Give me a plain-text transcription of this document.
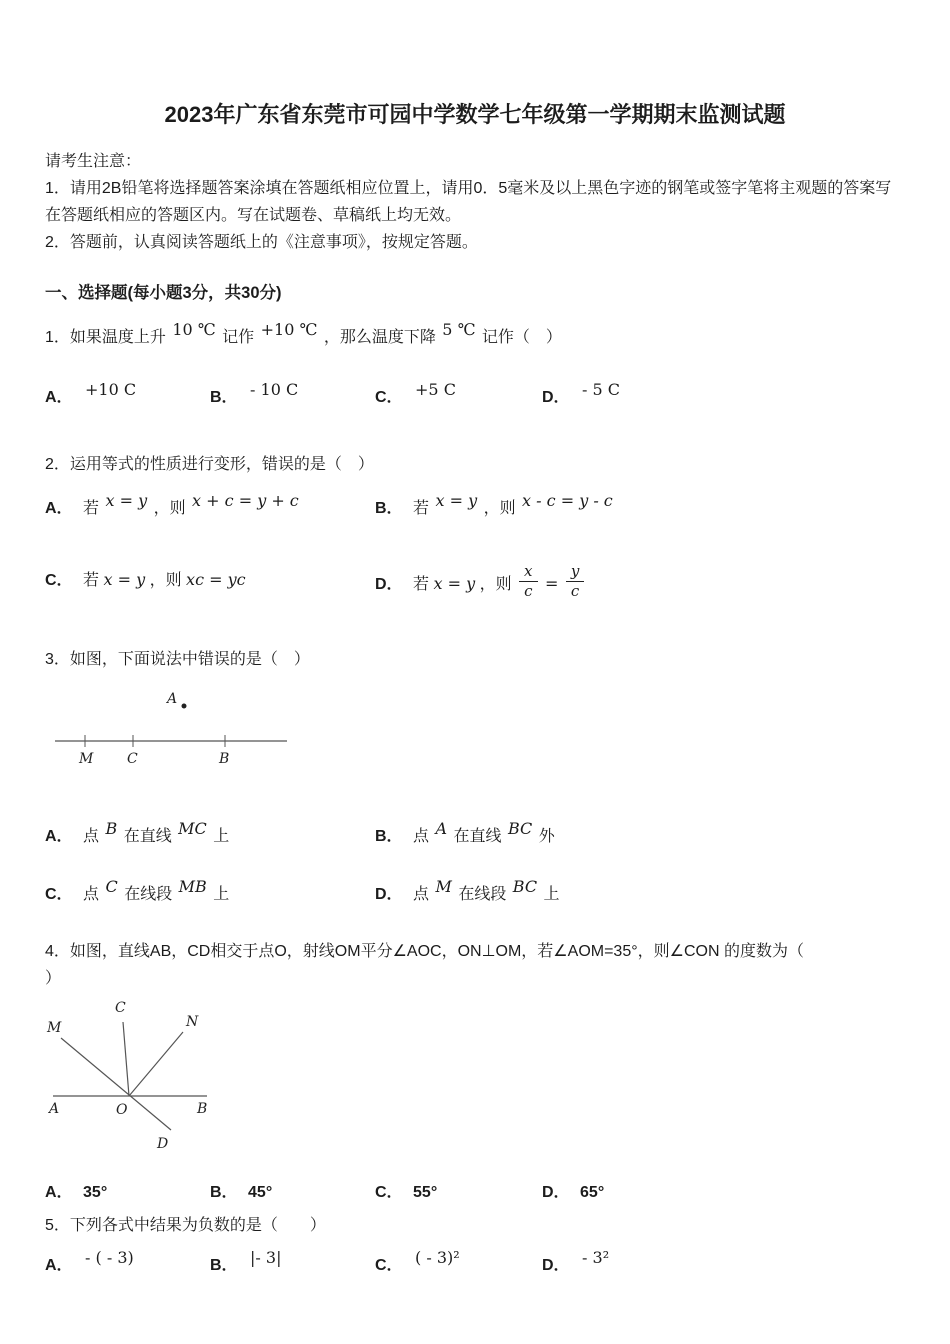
2023年广东省东莞市可园中学数学七年级第一学期期末监测试题

请考生注意：

1．请用2B铅笔将选择题答案涂填在答题纸相应位置上，请用0．5毫米及以上黑色字迹的钢笔或签字笔将主观题的答案写在答题纸相应的答题区内。写在试题卷、草稿纸上均无效。

2．答题前，认真阅读答题纸上的《注意事项》，按规定答题。

一、选择题(每小题3分，共30分)

1．如果温度上升 10 ℃ 记作 +10 ℃ ，那么温度下降 5 ℃ 记作（　）

A． +10 C	B． - 10 C	C． +5 C	D． - 5 C

2．运用等式的性质进行变形，错误的是（　）

A． 若 x = y ，则 x + c = y + c	B． 若 x = y ，则 x - c = y - c
C． 若 x = y ，则 xc = yc	D． 若 x = y ，则 $\frac{x}{c} = \frac{y}{c}$

3．如图，下面说法中错误的是（　）

A
M C	B
A． 点 B 在直线 MC 上	B． 点 A 在直线 BC 外
C． 点 C 在线段 MB 上	D． 点 M 在线段 BC 上

4．如图，直线AB，CD相交于点O，射线OM平分∠AOC，ON⊥OM，若∠AOM=35°，则∠CON 的度数为（

）

M
C
N
A	O	B
D
A． 35°	B． 45°	C． 55°	D． 65°

5．下列各式中结果为负数的是（　　）

A． - ( - 3)	B． |- 3|	C． ( - 3)²	D． - 3²
